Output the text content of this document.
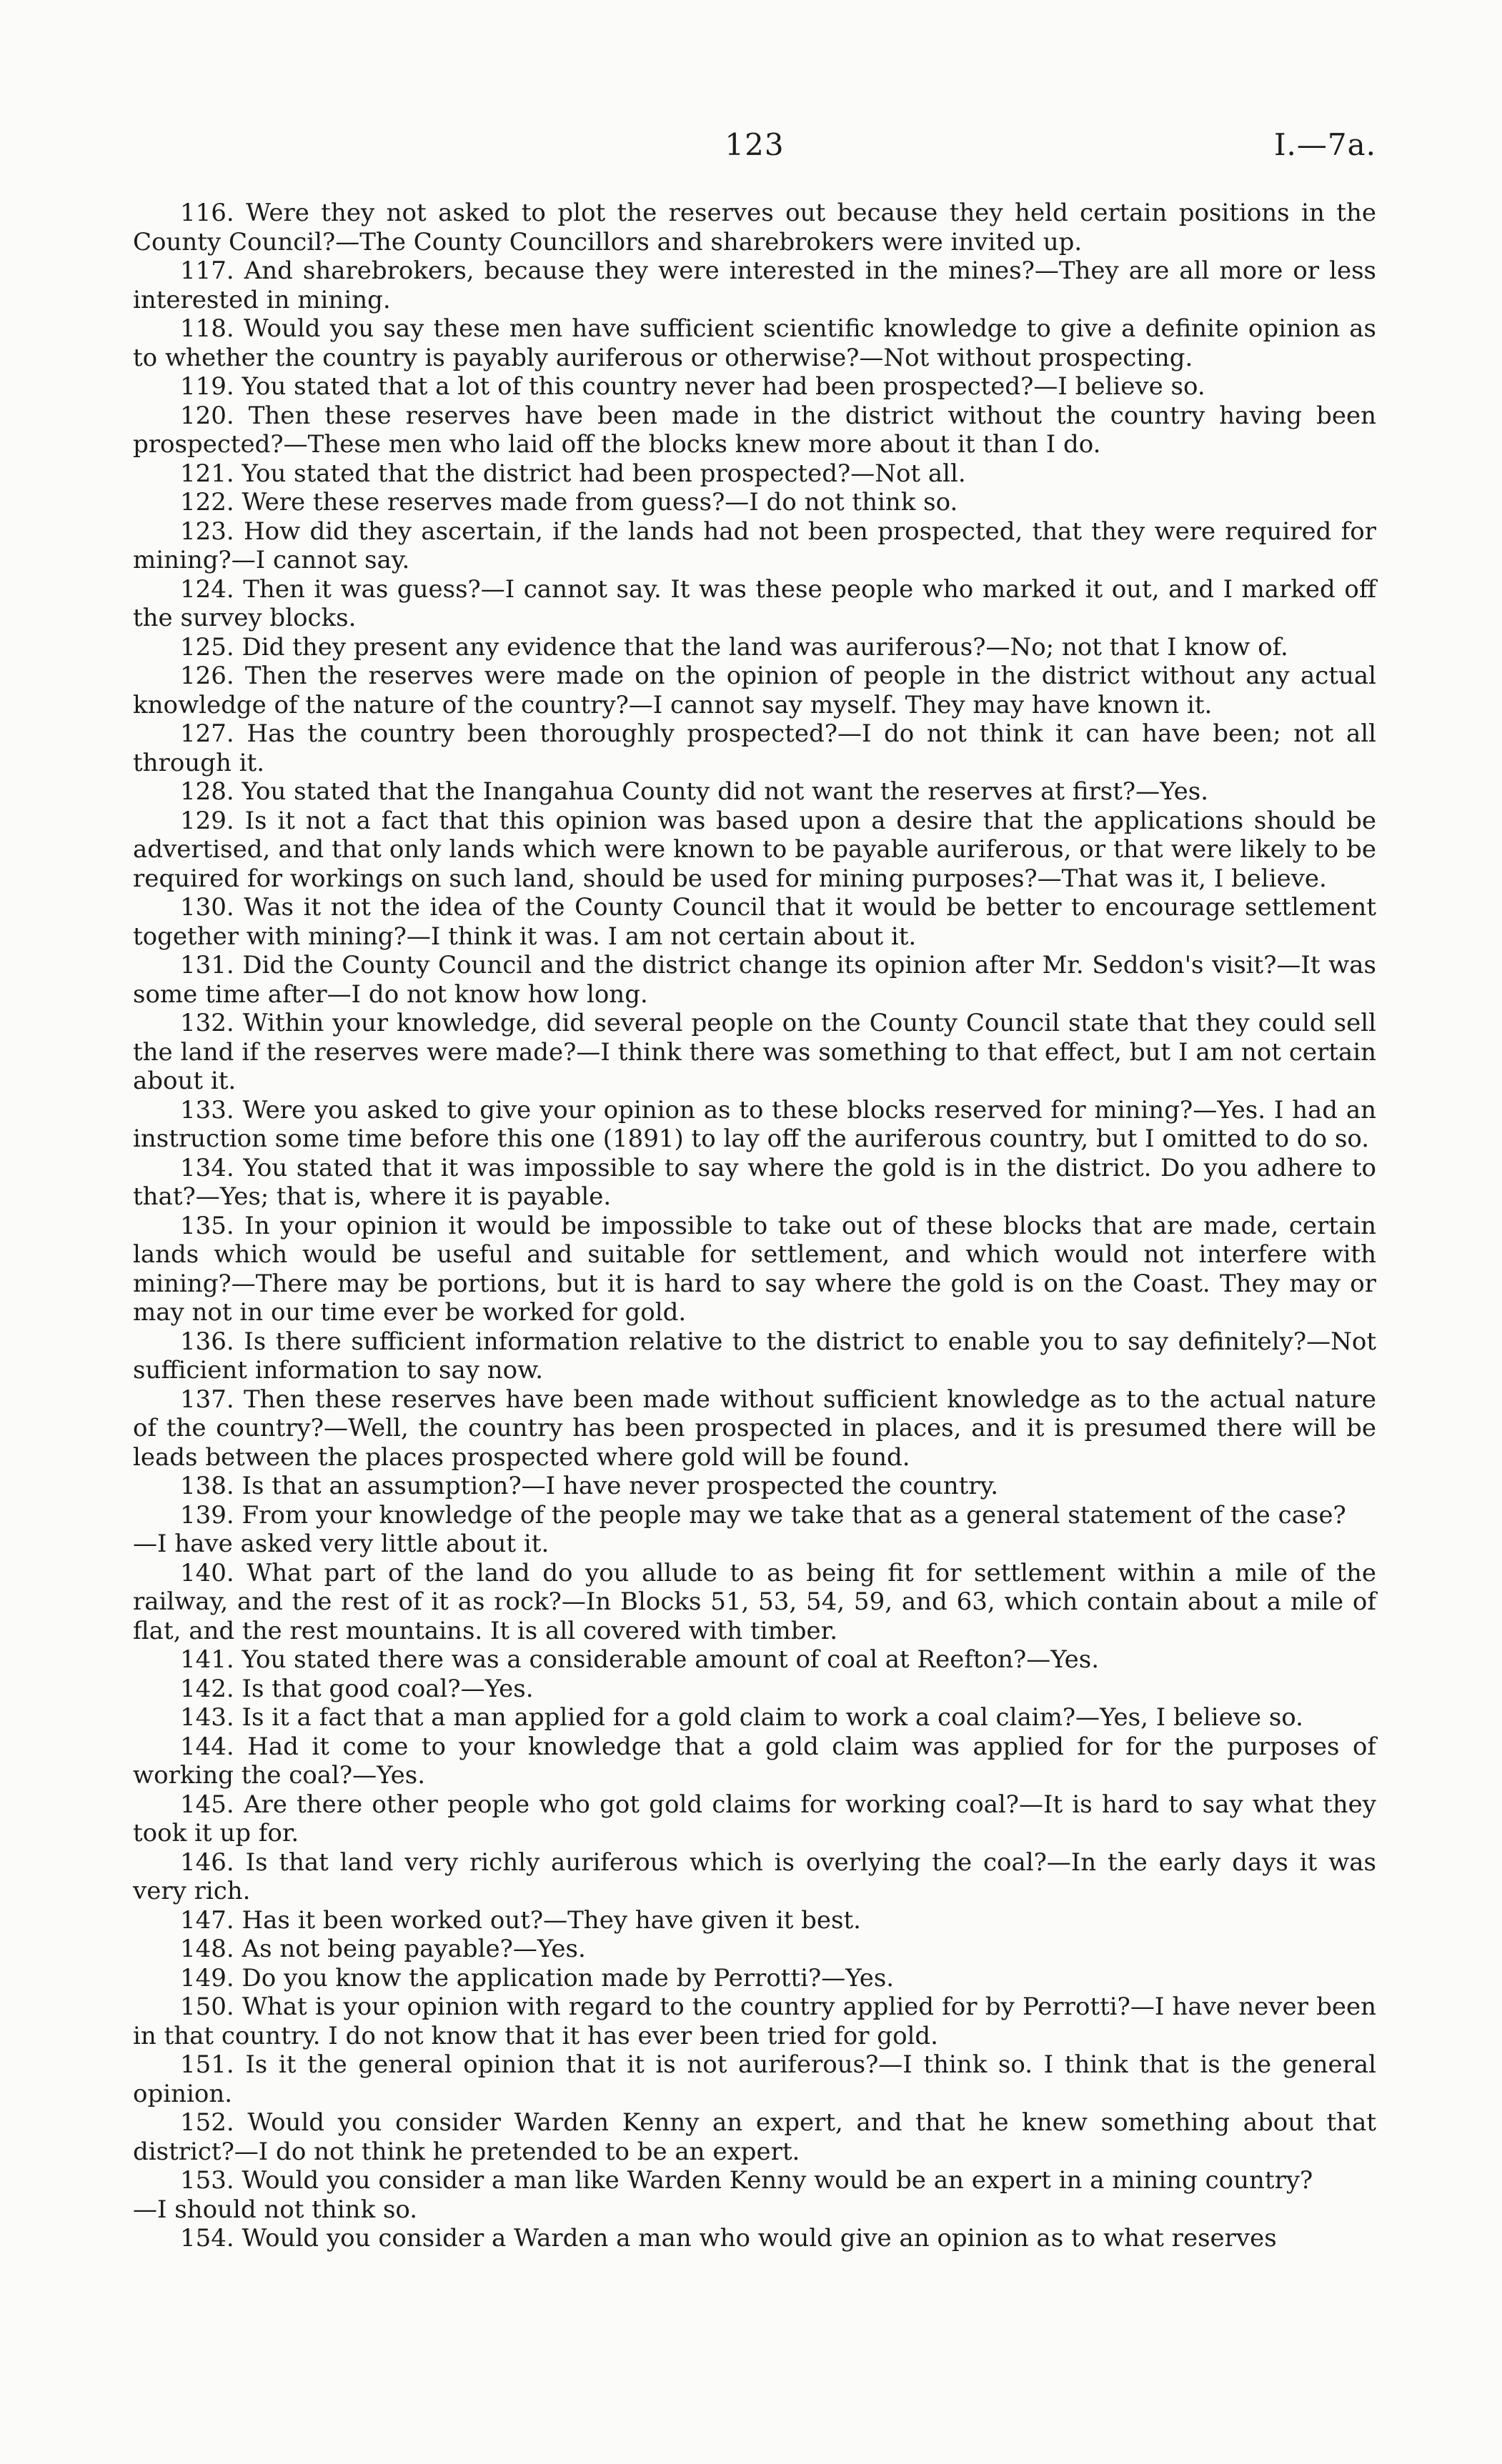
123	I.—7a.

116. Were they not asked to plot the reserves out because they held certain positions in the County Council?—The County Councillors and sharebrokers were invited up.

117. And sharebrokers, because they were interested in the mines?—They are all more or less interested in mining.

118. Would you say these men have sufficient scientific knowledge to give a definite opinion as to whether the country is payably auriferous or otherwise?—Not without prospecting.

119. You stated that a lot of this country never had been prospected?—I believe so.

120. Then these reserves have been made in the district without the country having been prospected?—These men who laid off the blocks knew more about it than I do.

121. You stated that the district had been prospected?—Not all.

122. Were these reserves made from guess?—I do not think so.

123. How did they ascertain, if the lands had not been prospected, that they were required for mining?—I cannot say.

124. Then it was guess?—I cannot say. It was these people who marked it out, and I marked off the survey blocks.

125. Did they present any evidence that the land was auriferous?—No; not that I know of.

126. Then the reserves were made on the opinion of people in the district without any actual knowledge of the nature of the country?—I cannot say myself. They may have known it.

127. Has the country been thoroughly prospected?—I do not think it can have been; not all through it.

128. You stated that the Inangahua County did not want the reserves at first?—Yes.

129. Is it not a fact that this opinion was based upon a desire that the applications should be advertised, and that only lands which were known to be payable auriferous, or that were likely to be required for workings on such land, should be used for mining purposes?—That was it, I believe.

130. Was it not the idea of the County Council that it would be better to encourage settlement together with mining?—I think it was. I am not certain about it.

131. Did the County Council and the district change its opinion after Mr. Seddon's visit?—It was some time after—I do not know how long.

132. Within your knowledge, did several people on the County Council state that they could sell the land if the reserves were made?—I think there was something to that effect, but I am not certain about it.

133. Were you asked to give your opinion as to these blocks reserved for mining?—Yes. I had an instruction some time before this one (1891) to lay off the auriferous country, but I omitted to do so.

134. You stated that it was impossible to say where the gold is in the district. Do you adhere to that?—Yes; that is, where it is payable.

135. In your opinion it would be impossible to take out of these blocks that are made, certain lands which would be useful and suitable for settlement, and which would not interfere with mining?—There may be portions, but it is hard to say where the gold is on the Coast. They may or may not in our time ever be worked for gold.

136. Is there sufficient information relative to the district to enable you to say definitely?—Not sufficient information to say now.

137. Then these reserves have been made without sufficient knowledge as to the actual nature of the country?—Well, the country has been prospected in places, and it is presumed there will be leads between the places prospected where gold will be found.

138. Is that an assumption?—I have never prospected the country.

139. From your knowledge of the people may we take that as a general statement of the case?

—I have asked very little about it.

140. What part of the land do you allude to as being fit for settlement within a mile of the railway, and the rest of it as rock?—In Blocks 51, 53, 54, 59, and 63, which contain about a mile of flat, and the rest mountains. It is all covered with timber.

141. You stated there was a considerable amount of coal at Reefton?—Yes.

142. Is that good coal?—Yes.

143. Is it a fact that a man applied for a gold claim to work a coal claim?—Yes, I believe so.

144. Had it come to your knowledge that a gold claim was applied for for the purposes of working the coal?—Yes.

145. Are there other people who got gold claims for working coal?—It is hard to say what they took it up for.

146. Is that land very richly auriferous which is overlying the coal?—In the early days it was very rich.

147. Has it been worked out?—They have given it best.

148. As not being payable?—Yes.

149. Do you know the application made by Perrotti?—Yes.

150. What is your opinion with regard to the country applied for by Perrotti?—I have never been in that country. I do not know that it has ever been tried for gold.

151. Is it the general opinion that it is not auriferous?—I think so. I think that is the general opinion.

152. Would you consider Warden Kenny an expert, and that he knew something about that district?—I do not think he pretended to be an expert.

153. Would you consider a man like Warden Kenny would be an expert in a mining country?

—I should not think so.

154. Would you consider a Warden a man who would give an opinion as to what reserves
